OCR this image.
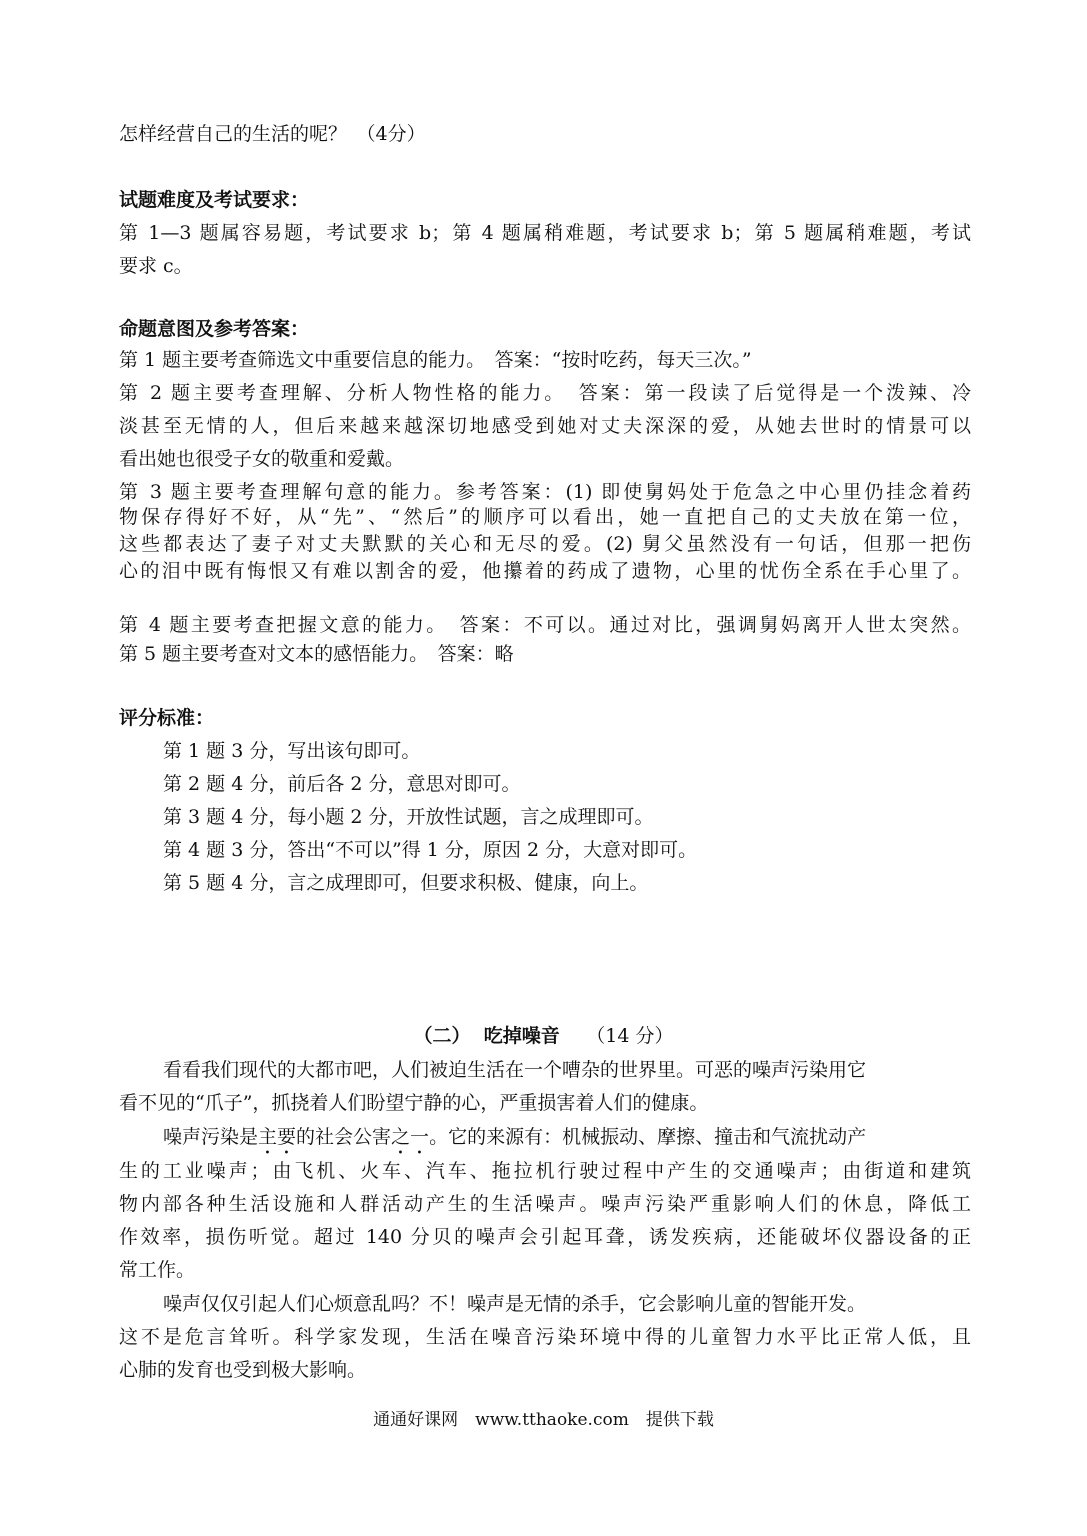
怎样经营自己的生活的呢？　（4分）
试题难度及考试要求：
第 1—3 题属容易题，考试要求 b；第 4 题属稍难题，考试要求 b；第 5 题属稍难题，考试
要求 c。
命题意图及参考答案：
第 1 题主要考查筛选文中重要信息的能力。　答案：“按时吃药，每天三次。”
第 2 题主要考查理解、分析人物性格的能力。　答案：第一段读了后觉得是一个泼辣、冷
淡甚至无情的人，但后来越来越深切地感受到她对丈夫深深的爱，从她去世时的情景可以
看出她也很受子女的敬重和爱戴。
第 3 题主要考查理解句意的能力。参考答案：(1) 即使舅妈处于危急之中心里仍挂念着药
物保存得好不好，从“先”、“然后”的顺序可以看出，她一直把自己的丈夫放在第一位，
这些都表达了妻子对丈夫默默的关心和无尽的爱。(2) 舅父虽然没有一句话，但那一把伤
心的泪中既有悔恨又有难以割舍的爱，他攥着的药成了遗物，心里的忧伤全系在手心里了。
第 4 题主要考查把握文意的能力。　答案：不可以。通过对比，强调舅妈离开人世太突然。
第 5 题主要考查对文本的感悟能力。　答案：略
评分标准：
第 1 题 3 分，写出该句即可。
第 2 题 4 分，前后各 2 分，意思对即可。
第 3 题 4 分，每小题 2 分，开放性试题，言之成理即可。
第 4 题 3 分，答出“不可以”得 1 分，原因 2 分，大意对即可。
第 5 题 4 分，言之成理即可，但要求积极、健康，向上。
（二） 吃掉噪音 （14 分）
看看我们现代的大都市吧，人们被迫生活在一个嘈杂的世界里。可恶的噪声污染用它
看不见的“爪子”，抓挠着人们盼望宁静的心，严重损害着人们的健康。
噪声污染是主要的社会公害之一。它的来源有：机械振动、摩擦、撞击和气流扰动产
生的工业噪声；由飞机、火车、汽车、拖拉机行驶过程中产生的交通噪声；由街道和建筑
物内部各种生活设施和人群活动产生的生活噪声。噪声污染严重影响人们的休息，降低工
作效率，损伤听觉。超过 140 分贝的噪声会引起耳聋，诱发疾病，还能破坏仪器设备的正
常工作。
噪声仅仅引起人们心烦意乱吗？不！噪声是无情的杀手，它会影响儿童的智能开发。
这不是危言耸听。科学家发现，生活在噪音污染环境中得的儿童智力水平比正常人低，且
心肺的发育也受到极大影响。
通通好课网　www.tthaoke.com　提供下载
